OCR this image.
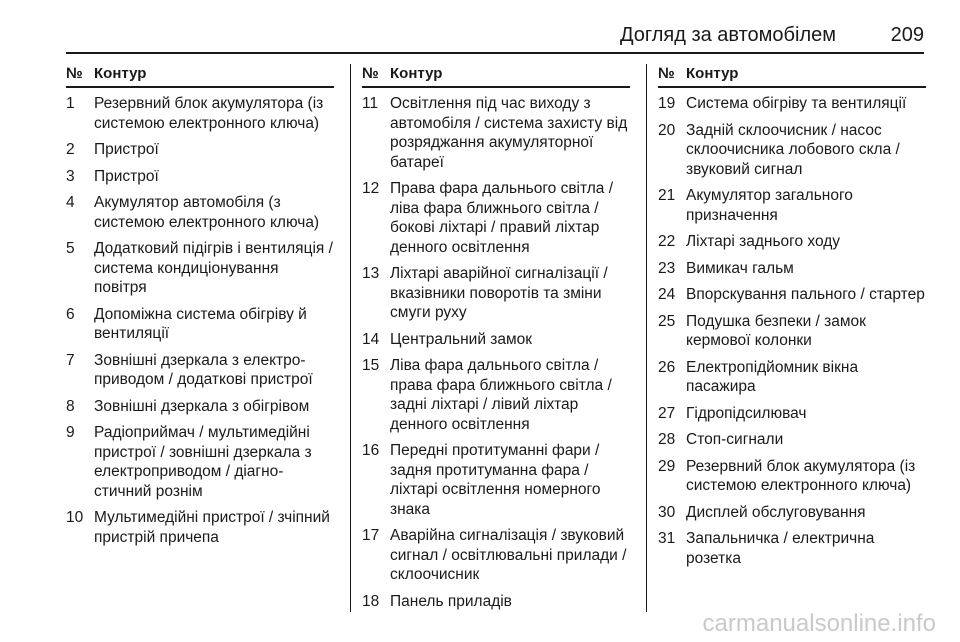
Догляд за автомобілем	209
№ Контур
1	Резервний блок акумулятора (із системою електронного ключа)
2	Пристрої
3	Пристрої
4	Акумулятор автомобіля (з системою електронного ключа)
5	Додатковий підігрів і вентиляція / система кондиціонування повітря
6	Допоміжна система обігріву й вентиляції
7	Зовнішні дзеркала з електроприводом / додаткові пристрої
8	Зовнішні дзеркала з обігрівом
9	Радіоприймач / мультимедійні пристрої / зовнішні дзеркала з електроприводом / діагностичний рознім
10 Мультимедійні пристрої / зчіпний пристрій причепа
№ Контур
11 Освітлення під час виходу з автомобіля / система захисту від розряджання акумуляторної батареї
12 Права фара дальнього світла / ліва фара ближнього світла / бокові ліхтарі / правий ліхтар денного освітлення
13 Ліхтарі аварійної сигналізації / вказівники поворотів та зміни смуги руху
14 Центральний замок
15 Ліва фара дальнього світла / права фара ближнього світла / задні ліхтарі / лівий ліхтар денного освітлення
16 Передні протитуманні фари / задня протитуманна фара / ліхтарі освітлення номерного знака
17 Аварійна сигналізація / звуковий сигнал / освітлювальні прилади / склоочисник
18 Панель приладів
№ Контур
19 Система обігріву та вентиляції
20 Задній склоочисник / насос склоочисника лобового скла / звуковий сигнал
21 Акумулятор загального призначення
22 Ліхтарі заднього ходу
23 Вимикач гальм
24 Впорскування пального / стартер
25 Подушка безпеки / замок кермової колонки
26 Електропідйомник вікна пасажира
27 Гідропідсилювач
28 Стоп-сигнали
29 Резервний блок акумулятора (із системою електронного ключа)
30 Дисплей обслуговування
31 Запальничка / електрична розетка
carmanualsonline.info
